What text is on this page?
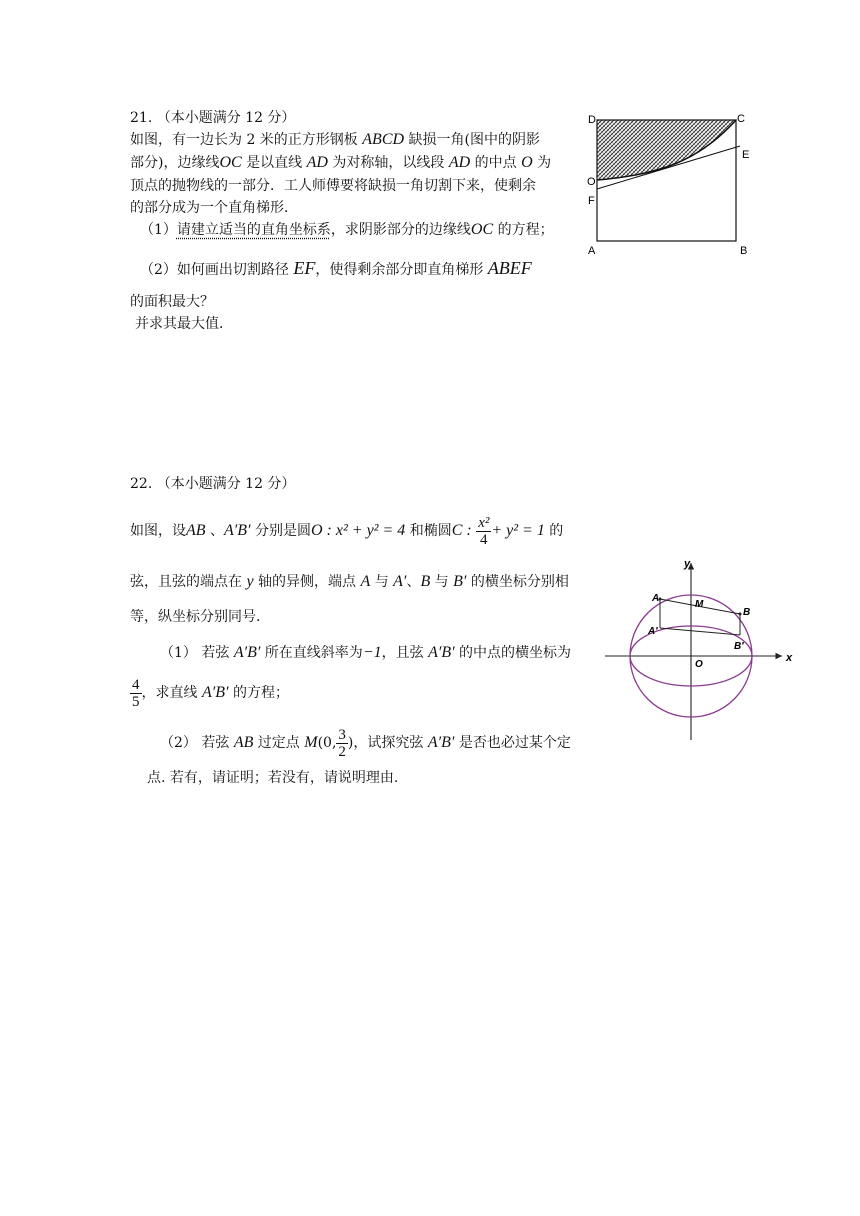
21. （本小题满分 12 分）
如图，有一边长为 2 米的正方形钢板 ABCD 缺损一角(图中的阴影
部分)，边缘线OC 是以直线 AD 为对称轴，以线段 AD 的中点 O 为
顶点的抛物线的一部分．工人师傅要将缺损一角切割下来，使剩余
的部分成为一个直角梯形．
（1）请建立适当的直角坐标系，求阴影部分的边缘线OC 的方程；
（2）如何画出切割路径 EF，使得剩余部分即直角梯形 ABEF
的面积最大？
并求其最大值．
D	C
E
O
F
A	B
22. （本小题满分 12 分）
如图，设AB 、A′B′ 分别是圆O : x² + y² = 4 和椭圆C : $\frac{\text{x²}}{4} + y^2 = 1$ 的
弦，且弦的端点在 y 轴的异侧，端点 A 与 A′、B 与 B′ 的横坐标分别相
等，纵坐标分别同号.
（1） 若弦 A′B′ 所在直线斜率为−1，且弦 A′B′ 的中点的横坐标为
$\frac{4}{5}$ ，求直线 A′B′ 的方程；
（2） 若弦 AB 过定点 M(0, $\frac{3}{2}$ )，试探究弦 A′B′ 是否也必过某个定
点. 若有，请证明；若没有，请说明理由.
y
x
O
A
M
B
A′
B′
